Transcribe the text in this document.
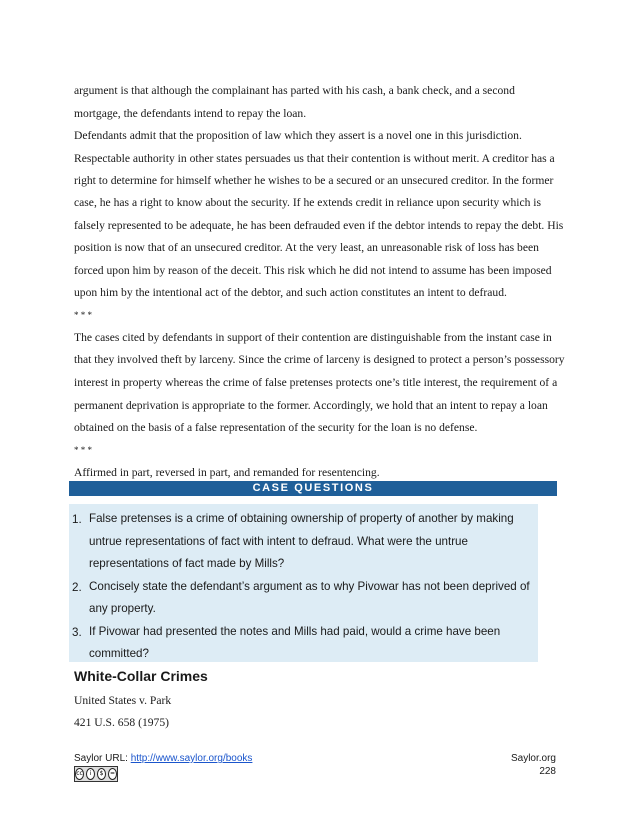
argument is that although the complainant has parted with his cash, a bank check, and a second
mortgage, the defendants intend to repay the loan.
Defendants admit that the proposition of law which they assert is a novel one in this jurisdiction.
Respectable authority in other states persuades us that their contention is without merit. A creditor has a
right to determine for himself whether he wishes to be a secured or an unsecured creditor. In the former
case, he has a right to know about the security. If he extends credit in reliance upon security which is
falsely represented to be adequate, he has been defrauded even if the debtor intends to repay the debt. His
position is now that of an unsecured creditor. At the very least, an unreasonable risk of loss has been
forced upon him by reason of the deceit. This risk which he did not intend to assume has been imposed
upon him by the intentional act of the debtor, and such action constitutes an intent to defraud.
* * *
The cases cited by defendants in support of their contention are distinguishable from the instant case in
that they involved theft by larceny. Since the crime of larceny is designed to protect a person’s possessory
interest in property whereas the crime of false pretenses protects one’s title interest, the requirement of a
permanent deprivation is appropriate to the former. Accordingly, we hold that an intent to repay a loan
obtained on the basis of a false representation of the security for the loan is no defense.
* * *
Affirmed in part, reversed in part, and remanded for resentencing.
CASE QUESTIONS
1. False pretenses is a crime of obtaining ownership of property of another by making
untrue representations of fact with intent to defraud. What were the untrue
representations of fact made by Mills?
2. Concisely state the defendant’s argument as to why Pivowar has not been deprived of
any property.
3. If Pivowar had presented the notes and Mills had paid, would a crime have been
committed?
White-Collar Crimes
United States v. Park
421 U.S. 658 (1975)
Saylor URL: http://www.saylor.org/books
cc	i	$	=
Saylor.org
228
